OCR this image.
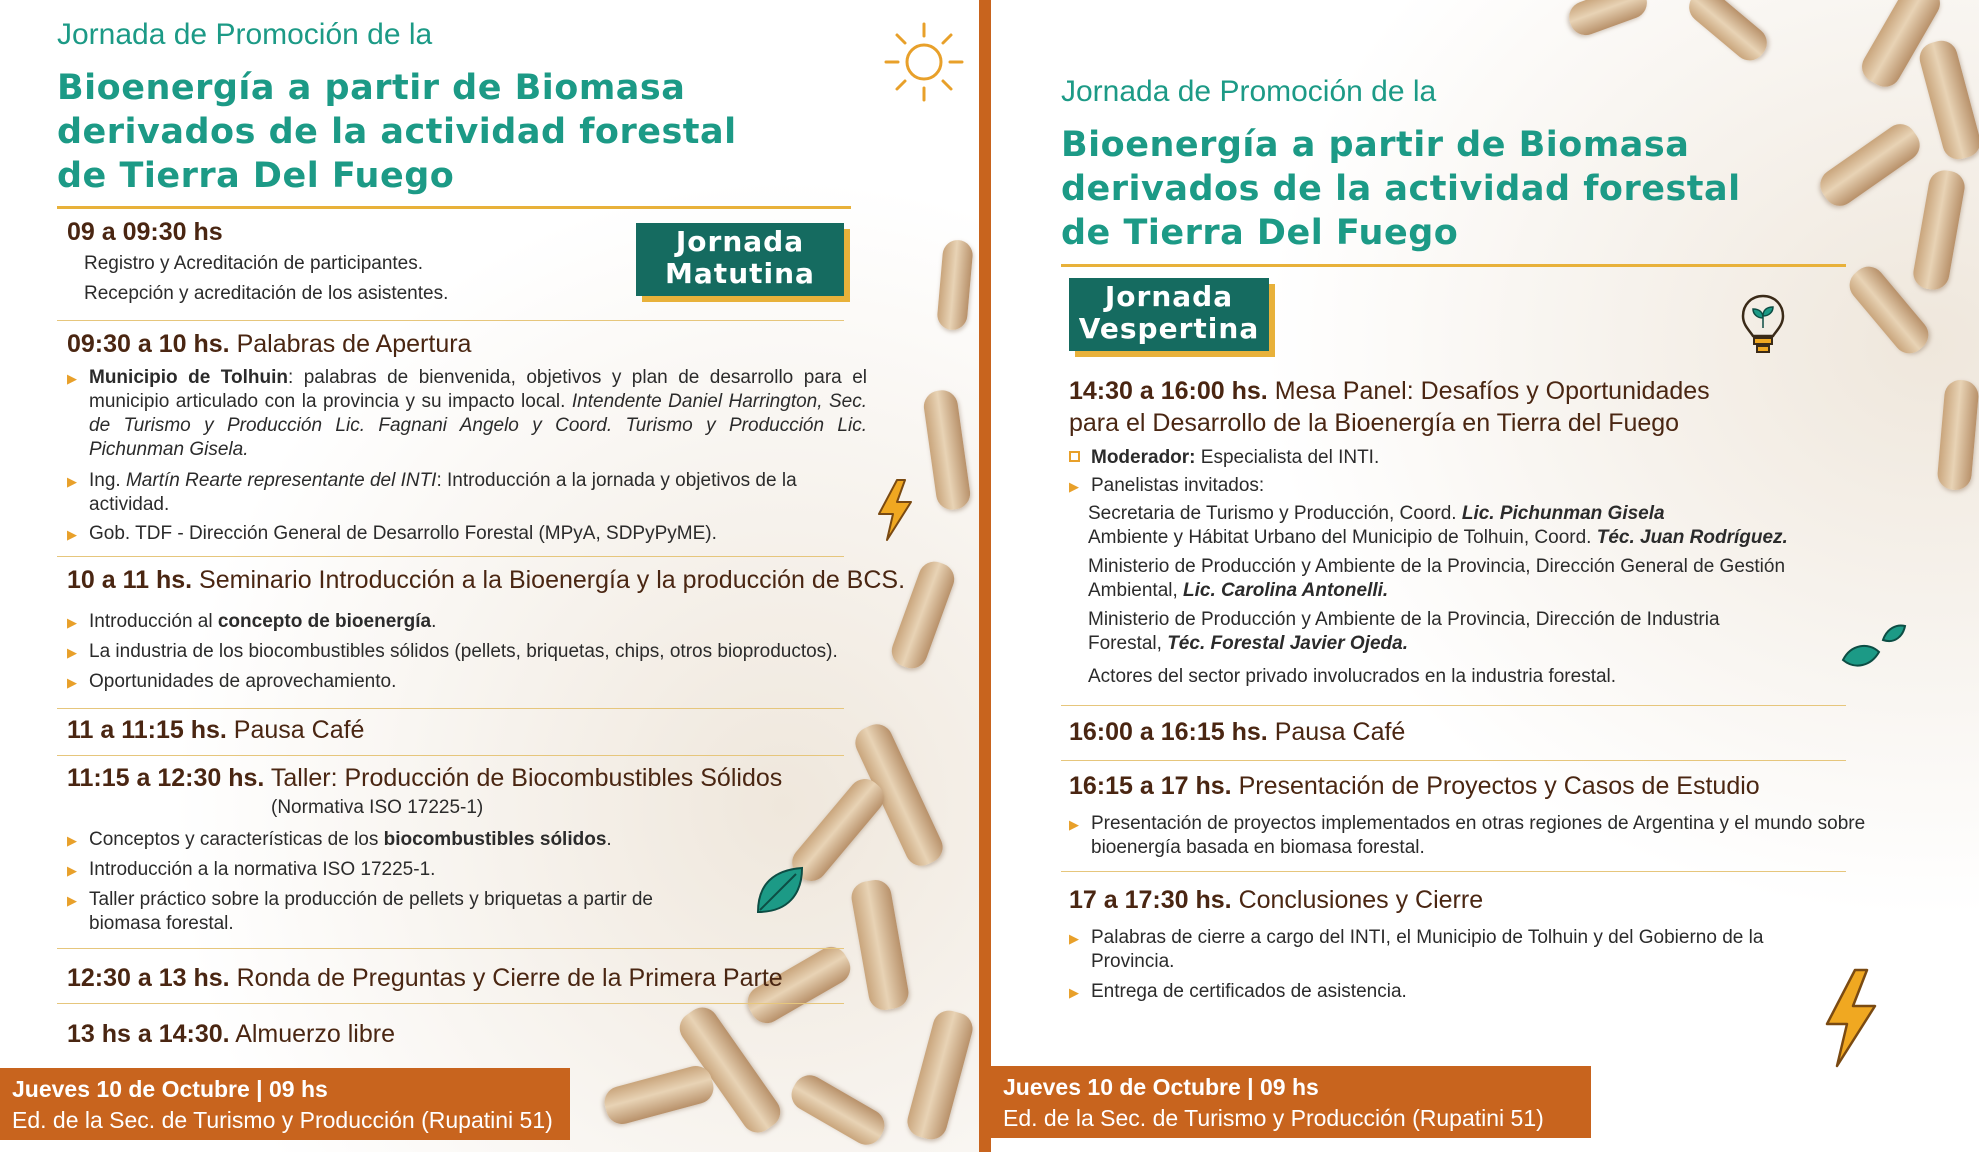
Jornada de Promoción de la
Bioenergía a partir de Biomasa
derivados de la actividad forestal
de Tierra Del Fuego
Jornada
Matutina
09 a 09:30 hs
Registro y Acreditación de participantes.
Recepción y acreditación de los asistentes.
09:30 a 10 hs. Palabras de Apertura
▶ Municipio de Tolhuin: palabras de bienvenida, objetivos y plan de desarrollo para el municipio articulado con la provincia y su impacto local. Intendente Daniel Harrington, Sec. de Turismo y Producción Lic. Fagnani Angelo y Coord. Turismo y Producción Lic. Pichunman Gisela.
▶ Ing. Martín Rearte representante del INTI: Introducción a la jornada y objetivos de la actividad.
▶ Gob. TDF - Dirección General de Desarrollo Forestal (MPyA, SDPyPyME).
10 a 11 hs. Seminario Introducción a la Bioenergía y la producción de BCS.
▶ Introducción al concepto de bioenergía.
▶ La industria de los biocombustibles sólidos (pellets, briquetas, chips, otros bioproductos).
▶ Oportunidades de aprovechamiento.
11 a 11:15 hs. Pausa Café
11:15 a 12:30 hs. Taller: Producción de Biocombustibles Sólidos
(Normativa ISO 17225-1)
▶ Conceptos y características de los biocombustibles sólidos.
▶ Introducción a la normativa ISO 17225-1.
▶ Taller práctico sobre la producción de pellets y briquetas a partir de biomasa forestal.
12:30 a 13 hs. Ronda de Preguntas y Cierre de la Primera Parte
13 hs a 14:30. Almuerzo libre
Jueves 10 de Octubre | 09 hs
Ed. de la Sec. de Turismo y Producción (Rupatini 51)
Jornada de Promoción de la
Bioenergía a partir de Biomasa
derivados de la actividad forestal
de Tierra Del Fuego
Jornada
Vespertina
14:30 a 16:00 hs. Mesa Panel: Desafíos y Oportunidades
para el Desarrollo de la Bioenergía en Tierra del Fuego
Moderador: Especialista del INTI.
▶ Panelistas invitados:
Secretaria de Turismo y Producción, Coord. Lic. Pichunman Gisela
Ambiente y Hábitat Urbano del Municipio de Tolhuin, Coord. Téc. Juan Rodríguez.
Ministerio de Producción y Ambiente de la Provincia, Dirección General de Gestión Ambiental, Lic. Carolina Antonelli.
Ministerio de Producción y Ambiente de la Provincia, Dirección de Industria Forestal, Téc. Forestal Javier Ojeda.
Actores del sector privado involucrados en la industria forestal.
16:00 a 16:15 hs. Pausa Café
16:15 a 17 hs. Presentación de Proyectos y Casos de Estudio
▶ Presentación de proyectos implementados en otras regiones de Argentina y el mundo sobre bioenergía basada en biomasa forestal.
17 a 17:30 hs. Conclusiones y Cierre
▶ Palabras de cierre a cargo del INTI, el Municipio de Tolhuin y del Gobierno de la Provincia.
▶ Entrega de certificados de asistencia.
Jueves 10 de Octubre | 09 hs
Ed. de la Sec. de Turismo y Producción (Rupatini 51)
